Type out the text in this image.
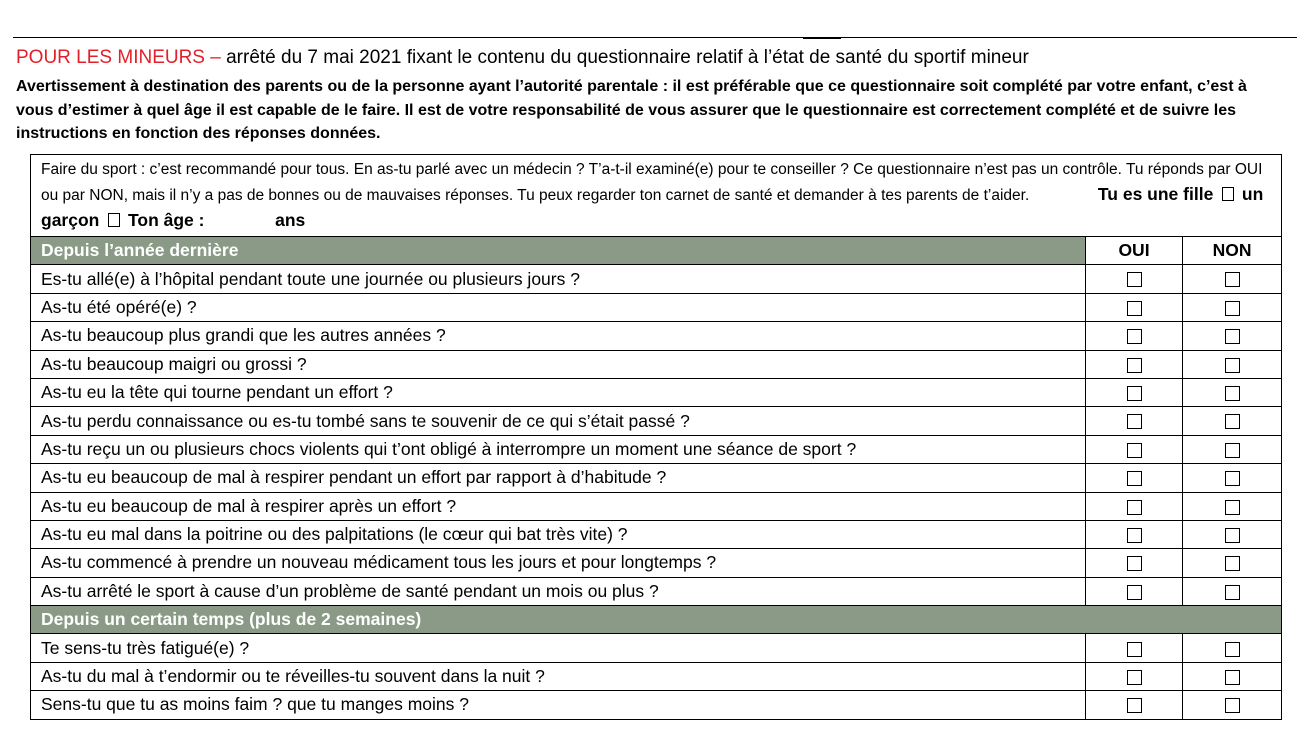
POUR LES MINEURS – arrêté du 7 mai 2021 fixant le contenu du questionnaire relatif à l’état de santé du sportif mineur
Avertissement à destination des parents ou de la personne ayant l’autorité parentale : il est préférable que ce questionnaire soit complété par votre enfant, c’est à vous d’estimer à quel âge il est capable de le faire. Il est de votre responsabilité de vous assurer que le questionnaire est correctement complété et de suivre les instructions en fonction des réponses données.
Faire du sport : c’est recommandé pour tous. En as-tu parlé avec un médecin ? T’a-t-il examiné(e) pour te conseiller ? Ce questionnaire n’est pas un contrôle. Tu réponds par OUI ou par NON, mais il n’y a pas de bonnes ou de mauvaises réponses. Tu peux regarder ton carnet de santé et demander à tes parents de t’aider. Tu es une fille un garçon Ton âge : ans		
Depuis l’année dernière	OUI	NON
Es-tu allé(e) à l’hôpital pendant toute une journée ou plusieurs jours ?		
As-tu été opéré(e) ?		
As-tu beaucoup plus grandi que les autres années ?		
As-tu beaucoup maigri ou grossi ?		
As-tu eu la tête qui tourne pendant un effort ?		
As-tu perdu connaissance ou es-tu tombé sans te souvenir de ce qui s’était passé ?		
As-tu reçu un ou plusieurs chocs violents qui t’ont obligé à interrompre un moment une séance de sport ?		
As-tu eu beaucoup de mal à respirer pendant un effort par rapport à d’habitude ?		
As-tu eu beaucoup de mal à respirer après un effort ?		
As-tu eu mal dans la poitrine ou des palpitations (le cœur qui bat très vite) ?		
As-tu commencé à prendre un nouveau médicament tous les jours et pour longtemps ?		
As-tu arrêté le sport à cause d’un problème de santé pendant un mois ou plus ?		
Depuis un certain temps (plus de 2 semaines)		
Te sens-tu très fatigué(e) ?		
As-tu du mal à t’endormir ou te réveilles-tu souvent dans la nuit ?		
Sens-tu que tu as moins faim ? que tu manges moins ?		
